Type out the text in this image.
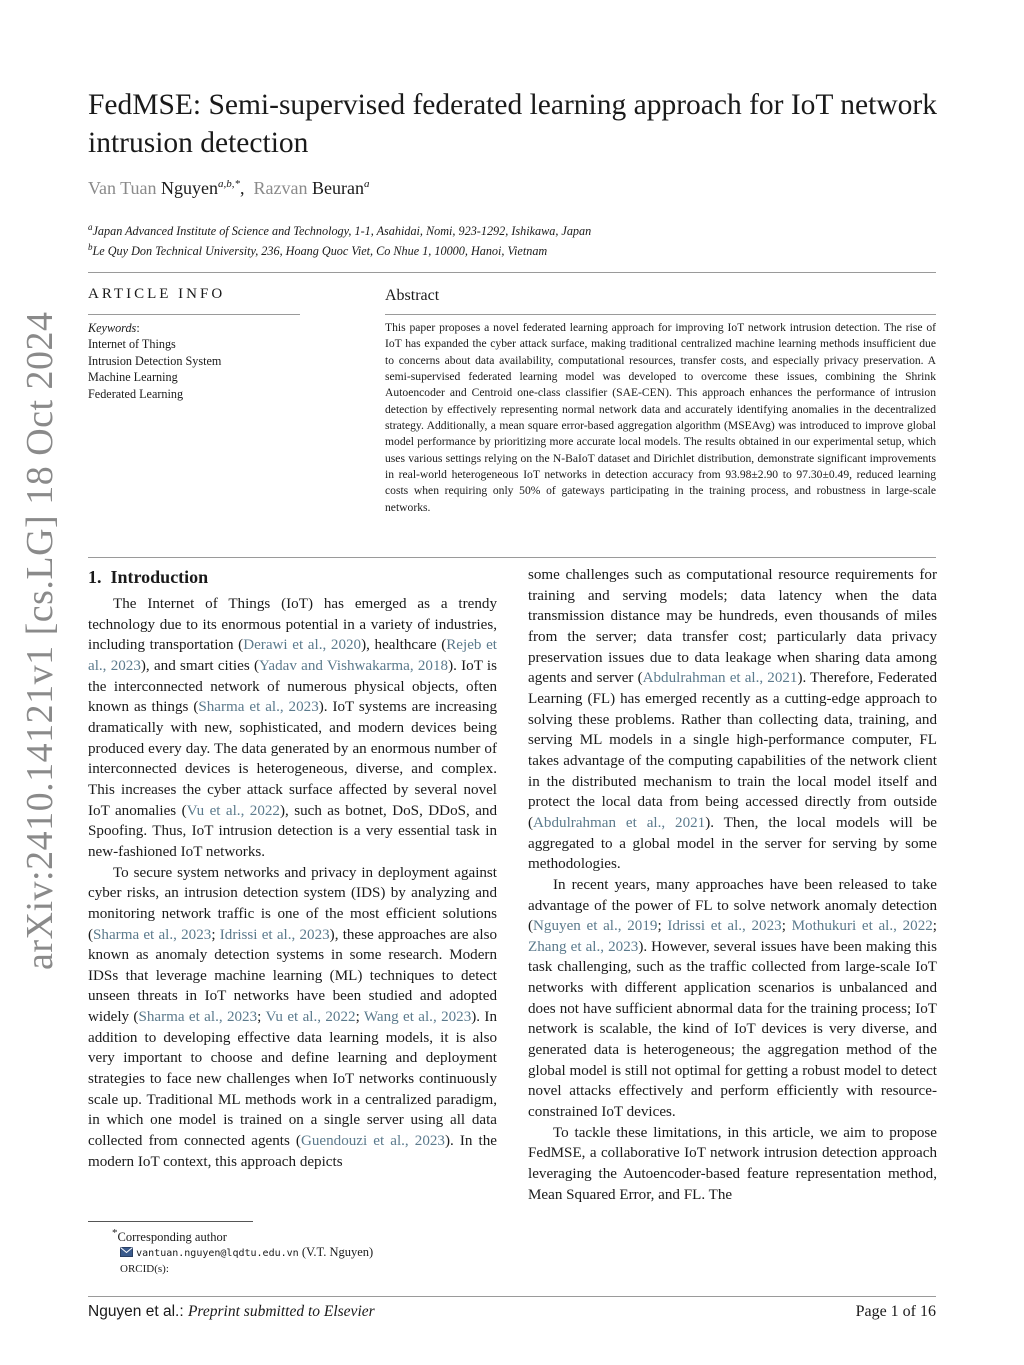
arXiv:2410.14121v1 [cs.LG] 18 Oct 2024
FedMSE: Semi-supervised federated learning approach for IoT network intrusion detection
Van Tuan Nguyen$^{a,b,*}$,  Razvan Beuran$^a$
$^a$Japan Advanced Institute of Science and Technology, 1-1, Asahidai, Nomi, 923-1292, Ishikawa, Japan
$^b$Le Quy Don Technical University, 236, Hoang Quoc Viet, Co Nhue 1, 10000, Hanoi, Vietnam
ARTICLE INFO	Abstract
Keywords:
Internet of Things
Intrusion Detection System
Machine Learning
Federated Learning
This paper proposes a novel federated learning approach for improving IoT network intrusion detection. The rise of IoT has expanded the cyber attack surface, making traditional centralized machine learning methods insufficient due to concerns about data availability, computational resources, transfer costs, and especially privacy preservation. A semi-supervised federated learning model was developed to overcome these issues, combining the Shrink Autoencoder and Centroid one-class classifier (SAE-CEN). This approach enhances the performance of intrusion detection by effectively representing normal network data and accurately identifying anomalies in the decentralized strategy. Additionally, a mean square error-based aggregation algorithm (MSEAvg) was introduced to improve global model performance by prioritizing more accurate local models. The results obtained in our experimental setup, which uses various settings relying on the N-BaIoT dataset and Dirichlet distribution, demonstrate significant improvements in real-world heterogeneous IoT networks in detection accuracy from 93.98±2.90 to 97.30±0.49, reduced learning costs when requiring only 50% of gateways participating in the training process, and robustness in large-scale networks.
1. Introduction

The Internet of Things (IoT) has emerged as a trendy technology due to its enormous potential in a variety of industries, including transportation (Derawi et al., 2020), healthcare (Rejeb et al., 2023), and smart cities (Yadav and Vishwakarma, 2018). IoT is the interconnected network of numerous physical objects, often known as things (Sharma et al., 2023). IoT systems are increasing dramatically with new, sophisticated, and modern devices being produced every day. The data generated by an enormous number of interconnected devices is heterogeneous, diverse, and complex. This increases the cyber attack surface affected by several novel IoT anomalies (Vu et al., 2022), such as botnet, DoS, DDoS, and Spoofing. Thus, IoT intrusion detection is a very essential task in new-fashioned IoT networks.

To secure system networks and privacy in deployment against cyber risks, an intrusion detection system (IDS) by analyzing and monitoring network traffic is one of the most efficient solutions (Sharma et al., 2023; Idrissi et al., 2023), these approaches are also known as anomaly detection systems in some research. Modern IDSs that leverage machine learning (ML) techniques to detect unseen threats in IoT networks have been studied and adopted widely (Sharma et al., 2023; Vu et al., 2022; Wang et al., 2023). In addition to developing effective data learning models, it is also very important to choose and define learning and deployment strategies to face new challenges when IoT networks continuously scale up. Traditional ML methods work in a centralized paradigm, in which one model is trained on a single server using all data collected from connected agents (Guendouzi et al., 2023). In the modern IoT context, this approach depicts

some challenges such as computational resource requirements for training and serving models; data latency when the data transmission distance may be hundreds, even thousands of miles from the server; data transfer cost; particularly data privacy preservation issues due to data leakage when sharing data among agents and server (Abdulrahman et al., 2021). Therefore, Federated Learning (FL) has emerged recently as a cutting-edge approach to solving these problems. Rather than collecting data, training, and serving ML models in a single high-performance computer, FL takes advantage of the computing capabilities of the network client in the distributed mechanism to train the local model itself and protect the local data from being accessed directly from outside (Abdulrahman et al., 2021). Then, the local models will be aggregated to a global model in the server for serving by some methodologies.

In recent years, many approaches have been released to take advantage of the power of FL to solve network anomaly detection (Nguyen et al., 2019; Idrissi et al., 2023; Mothukuri et al., 2022; Zhang et al., 2023). However, several issues have been making this task challenging, such as the traffic collected from large-scale IoT networks with different application scenarios is unbalanced and does not have sufficient abnormal data for the training process; IoT network is scalable, the kind of IoT devices is very diverse, and generated data is heterogeneous; the aggregation method of the global model is still not optimal for getting a robust model to detect novel attacks effectively and perform efficiently with resource-constrained IoT devices.

To tackle these limitations, in this article, we aim to propose FedMSE, a collaborative IoT network intrusion detection approach leveraging the Autoencoder-based feature representation method, Mean Squared Error, and FL. The

*Corresponding author
vantuan.nguyen@lqdtu.edu.vn (V.T. Nguyen)
ORCID(s):
Nguyen et al.: Preprint submitted to Elsevier	Page 1 of 16
